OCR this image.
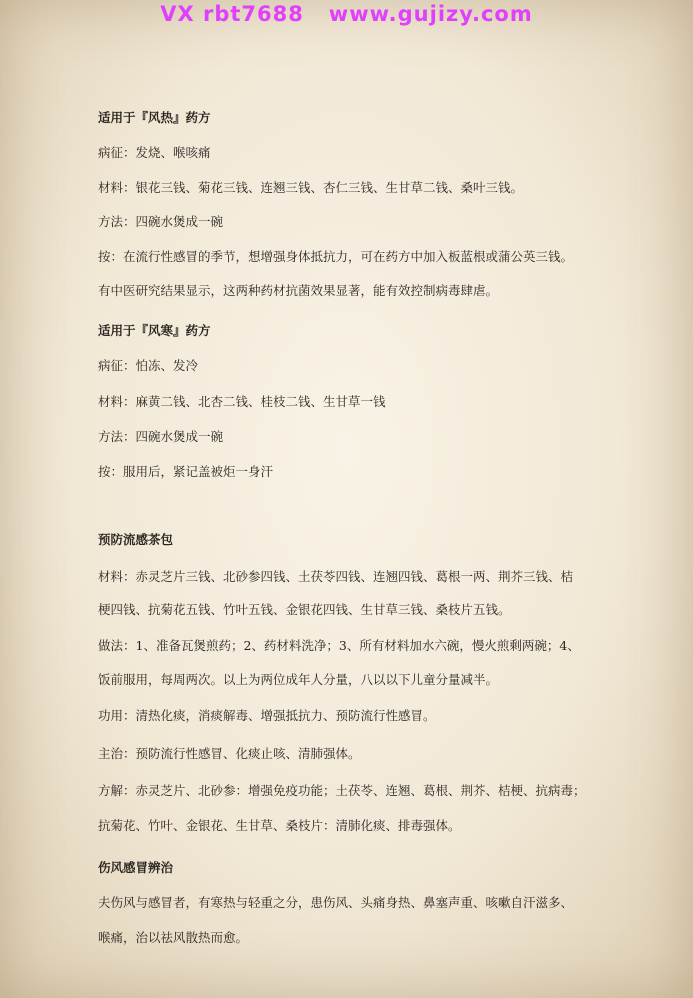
VX rbt7688   www.gujizy.com
适用于『风热』药方
病征：发烧、喉咳痛
材料：银花三钱、菊花三钱、连翘三钱、杏仁三钱、生甘草二钱、桑叶三钱。
方法：四碗水煲成一碗
按：在流行性感冒的季节，想增强身体抵抗力，可在药方中加入板蓝根或蒲公英三钱。
有中医研究结果显示，这两种药材抗菌效果显著，能有效控制病毒肆虐。
适用于『风寒』药方
病征：怕冻、发冷
材料：麻黄二钱、北杏二钱、桂枝二钱、生甘草一钱
方法：四碗水煲成一碗
按：服用后，紧记盖被炬一身汗
预防流感茶包
材料：赤灵芝片三钱、北砂参四钱、土茯苓四钱、连翘四钱、葛根一两、荆芥三钱、桔
梗四钱、抗菊花五钱、竹叶五钱、金银花四钱、生甘草三钱、桑枝片五钱。
做法：1、准备瓦煲煎药；2、药材料洗净；3、所有材料加水六碗，慢火煎剩两碗；4、
饭前服用，每周两次。以上为两位成年人分量，八以以下儿童分量减半。
功用：清热化痰，消痰解毒、增强抵抗力、预防流行性感冒。
主治：预防流行性感冒、化痰止咳、清肺强体。
方解：赤灵芝片、北砂参：增强免疫功能；土茯苓、连翘、葛根、荆芥、桔梗、抗病毒；
抗菊花、竹叶、金银花、生甘草、桑枝片：清肺化痰、排毒强体。
伤风感冒辨治
夫伤风与感冒者，有寒热与轻重之分，患伤风、头痛身热、鼻塞声重、咳嗽自汗滋多、
喉痛，治以祛风散热而愈。
